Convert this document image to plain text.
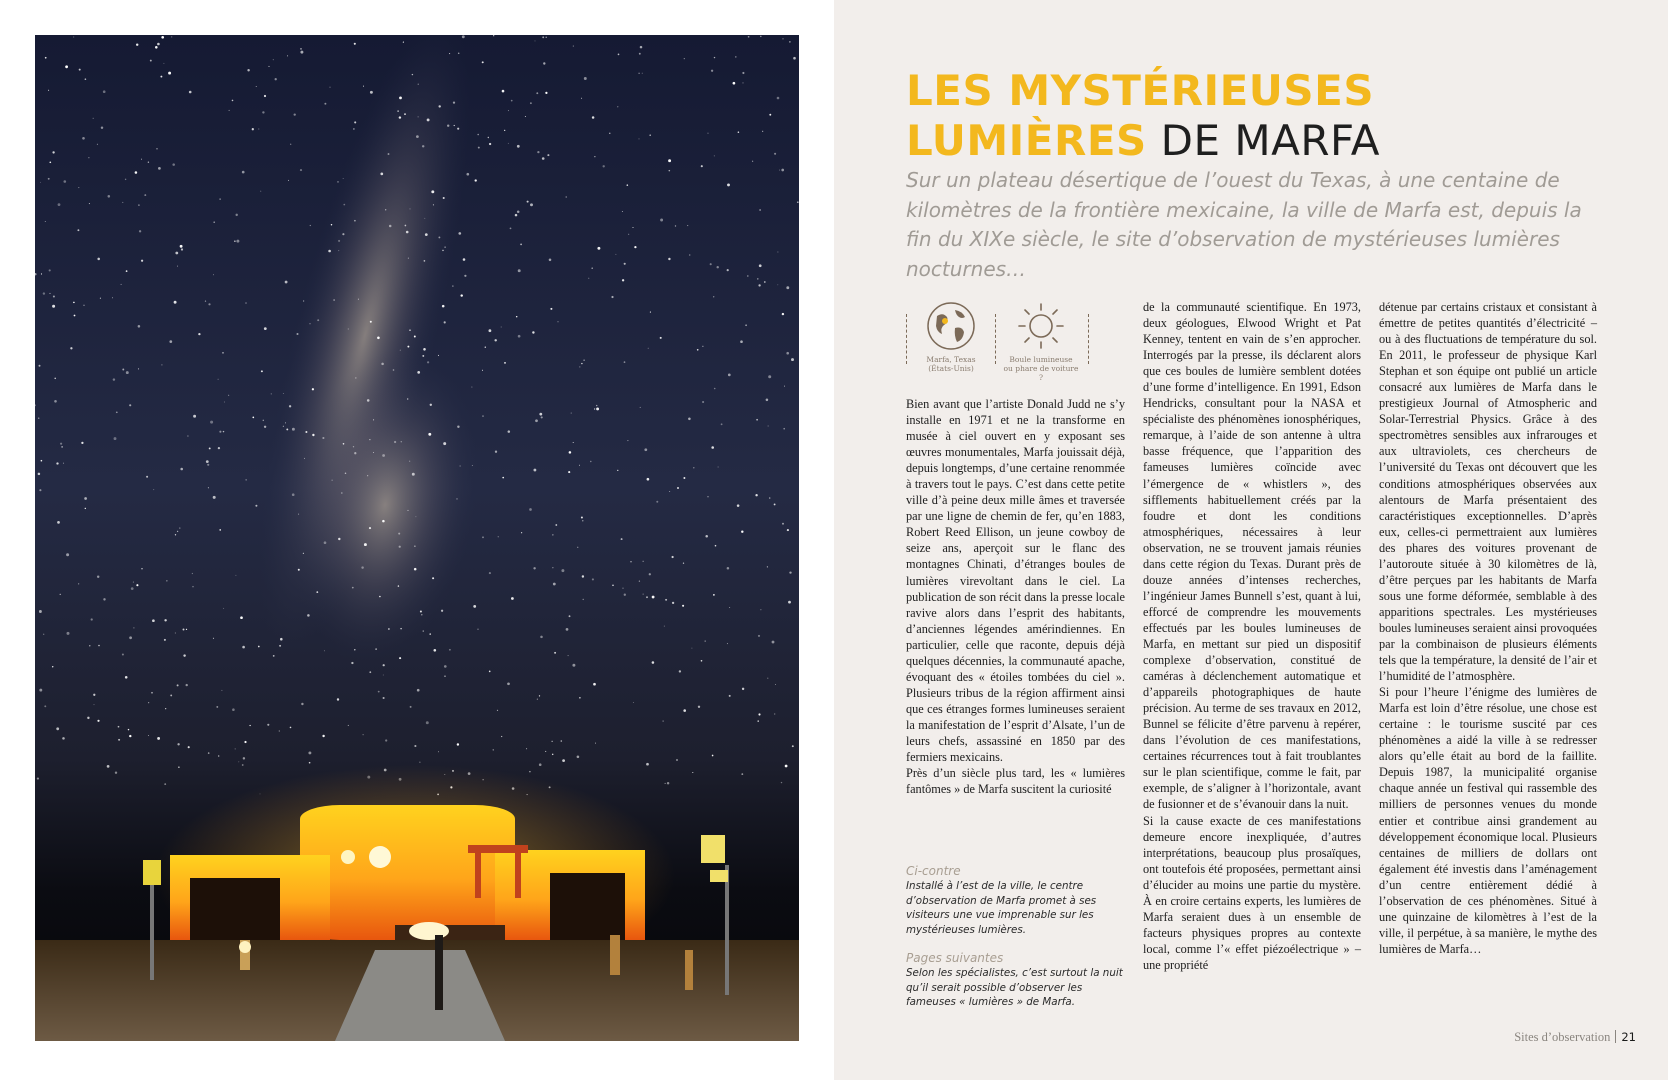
LES MYSTÉRIEUSES
LUMIÈRES DE MARFA

Sur un plateau désertique de l’ouest du Texas, à une centaine de kilomètres de la frontière mexicaine, la ville de Marfa est, depuis la fin du XIXe siècle, le site d’observation de mystérieuses lumières nocturnes…

Marfa, Texas
(États-Unis)
Boule lumineuse
ou phare de voiture ?

Bien avant que l’artiste Donald Judd ne s’y installe en 1971 et ne la transforme en musée à ciel ouvert en y exposant ses œuvres monumentales, Marfa jouissait déjà, depuis longtemps, d’une certaine renommée à travers tout le pays. C’est dans cette petite ville d’à peine deux mille âmes et traversée par une ligne de chemin de fer, qu’en 1883, Robert Reed Ellison, un jeune cowboy de seize ans, aperçoit sur le flanc des montagnes Chinati, d’étranges boules de lumières virevoltant dans le ciel. La publication de son récit dans la presse locale ravive alors dans l’esprit des habitants, d’anciennes légendes amérindiennes. En particulier, celle que raconte, depuis déjà quelques décennies, la communauté apache, évoquant des « étoiles tombées du ciel ». Plusieurs tribus de la région affirment ainsi que ces étranges formes lumineuses seraient la manifestation de l’esprit d’Alsate, l’un de leurs chefs, assassiné en 1850 par des fermiers mexicains.

Près d’un siècle plus tard, les « lumières fantômes » de Marfa suscitent la curiosité

Ci-contre
Installé à l’est de la ville, le centre d’observation de Marfa promet à ses visiteurs une vue imprenable sur les mystérieuses lumières.
Pages suivantes
Selon les spécialistes, c’est surtout la nuit qu’il serait possible d’observer les fameuses « lumières » de Marfa.

de la communauté scientifique. En 1973, deux géologues, Elwood Wright et Pat Kenney, tentent en vain de s’en approcher. Interrogés par la presse, ils déclarent alors que ces boules de lumière semblent dotées d’une forme d’intelligence. En 1991, Edson Hendricks, consultant pour la NASA et spécialiste des phénomènes ionosphériques, remarque, à l’aide de son antenne à ultra basse fréquence, que l’apparition des fameuses lumières coïncide avec l’émergence de « whistlers », des sifflements habituellement créés par la foudre et dont les conditions atmosphériques, nécessaires à leur observation, ne se trouvent jamais réunies dans cette région du Texas. Durant près de douze années d’intenses recherches, l’ingénieur James Bunnell s’est, quant à lui, efforcé de comprendre les mouvements effectués par les boules lumineuses de Marfa, en mettant sur pied un dispositif complexe d’observation, constitué de caméras à déclenchement automatique et d’appareils photographiques de haute précision. Au terme de ses travaux en 2012, Bunnel se félicite d’être parvenu à repérer, dans l’évolution de ces manifestations, certaines récurrences tout à fait troublantes sur le plan scientifique, comme le fait, par exemple, de s’aligner à l’horizontale, avant de fusionner et de s’évanouir dans la nuit.

Si la cause exacte de ces manifestations demeure encore inexpliquée, d’autres interprétations, beaucoup plus prosaïques, ont toutefois été proposées, permettant ainsi d’élucider au moins une partie du mystère. À en croire certains experts, les lumières de Marfa seraient dues à un ensemble de facteurs physiques propres au contexte local, comme l’« effet piézoélectrique » – une propriété

détenue par certains cristaux et consistant à émettre de petites quantités d’électricité – ou à des fluctuations de température du sol. En 2011, le professeur de physique Karl Stephan et son équipe ont publié un article consacré aux lumières de Marfa dans le prestigieux Journal of Atmospheric and Solar-Terrestrial Physics. Grâce à des spectromètres sensibles aux infrarouges et aux ultraviolets, ces chercheurs de l’université du Texas ont découvert que les conditions atmosphériques observées aux alentours de Marfa présentaient des caractéristiques exceptionnelles. D’après eux, celles-ci permettraient aux lumières des phares des voitures provenant de l’autoroute située à 30 kilomètres de là, d’être perçues par les habitants de Marfa sous une forme déformée, semblable à des apparitions spectrales. Les mystérieuses boules lumineuses seraient ainsi provoquées par la combinaison de plusieurs éléments tels que la température, la densité de l’air et l’humidité de l’atmosphère.

Si pour l’heure l’énigme des lumières de Marfa est loin d’être résolue, une chose est certaine : le tourisme suscité par ces phénomènes a aidé la ville à se redresser alors qu’elle était au bord de la faillite. Depuis 1987, la municipalité organise chaque année un festival qui rassemble des milliers de personnes venues du monde entier et contribue ainsi grandement au développement économique local. Plusieurs centaines de milliers de dollars ont également été investis dans l’aménagement d’un centre entièrement dédié à l’observation de ces phénomènes. Situé à une quinzaine de kilomètres à l’est de la ville, il perpétue, à sa manière, le mythe des lumières de Marfa…

Sites d’observation 21
